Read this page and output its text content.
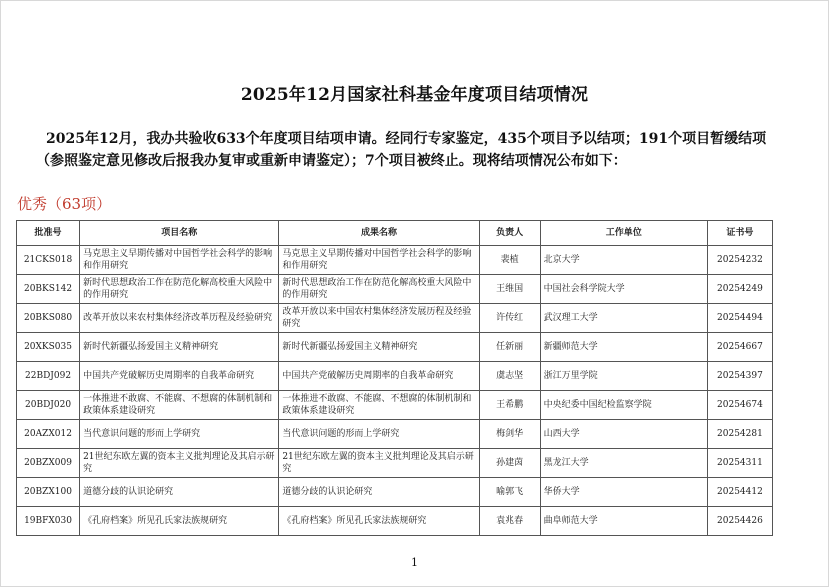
2025年12月国家社科基金年度项目结项情况

2025年12月，我办共验收633个年度项目结项申请。经同行专家鉴定，435个项目予以结项；191个项目暂缓结项

（参照鉴定意见修改后报我办复审或重新申请鉴定）；7个项目被终止。现将结项情况公布如下：

优秀（63项）
批准号	项目名称	成果名称	负责人	工作单位	证书号
21CKS018	马克思主义早期传播对中国哲学社会科学的影响和作用研究	马克思主义早期传播对中国哲学社会科学的影响和作用研究	裴植	北京大学	20254232
20BKS142	新时代思想政治工作在防范化解高校重大风险中的作用研究	新时代思想政治工作在防范化解高校重大风险中的作用研究	王维国	中国社会科学院大学	20254249
20BKS080	改革开放以来农村集体经济改革历程及经验研究	改革开放以来中国农村集体经济发展历程及经验研究	许传红	武汉理工大学	20254494
20XKS035	新时代新疆弘扬爱国主义精神研究	新时代新疆弘扬爱国主义精神研究	任新丽	新疆师范大学	20254667
22BDJ092	中国共产党破解历史周期率的自我革命研究	中国共产党破解历史周期率的自我革命研究	虞志坚	浙江万里学院	20254397
20BDJ020	一体推进不敢腐、不能腐、不想腐的体制机制和政策体系建设研究	一体推进不敢腐、不能腐、不想腐的体制机制和政策体系建设研究	王希鹏	中央纪委中国纪检监察学院	20254674
20AZX012	当代意识问题的形而上学研究	当代意识问题的形而上学研究	梅剑华	山西大学	20254281
20BZX009	21世纪东欧左翼的资本主义批判理论及其启示研究	21世纪东欧左翼的资本主义批判理论及其启示研究	孙建茵	黑龙江大学	20254311
20BZX100	道德分歧的认识论研究	道德分歧的认识论研究	喻郭飞	华侨大学	20254412
19BFX030	《孔府档案》所见孔氏家法族规研究	《孔府档案》所见孔氏家法族规研究	袁兆春	曲阜师范大学	20254426
1
